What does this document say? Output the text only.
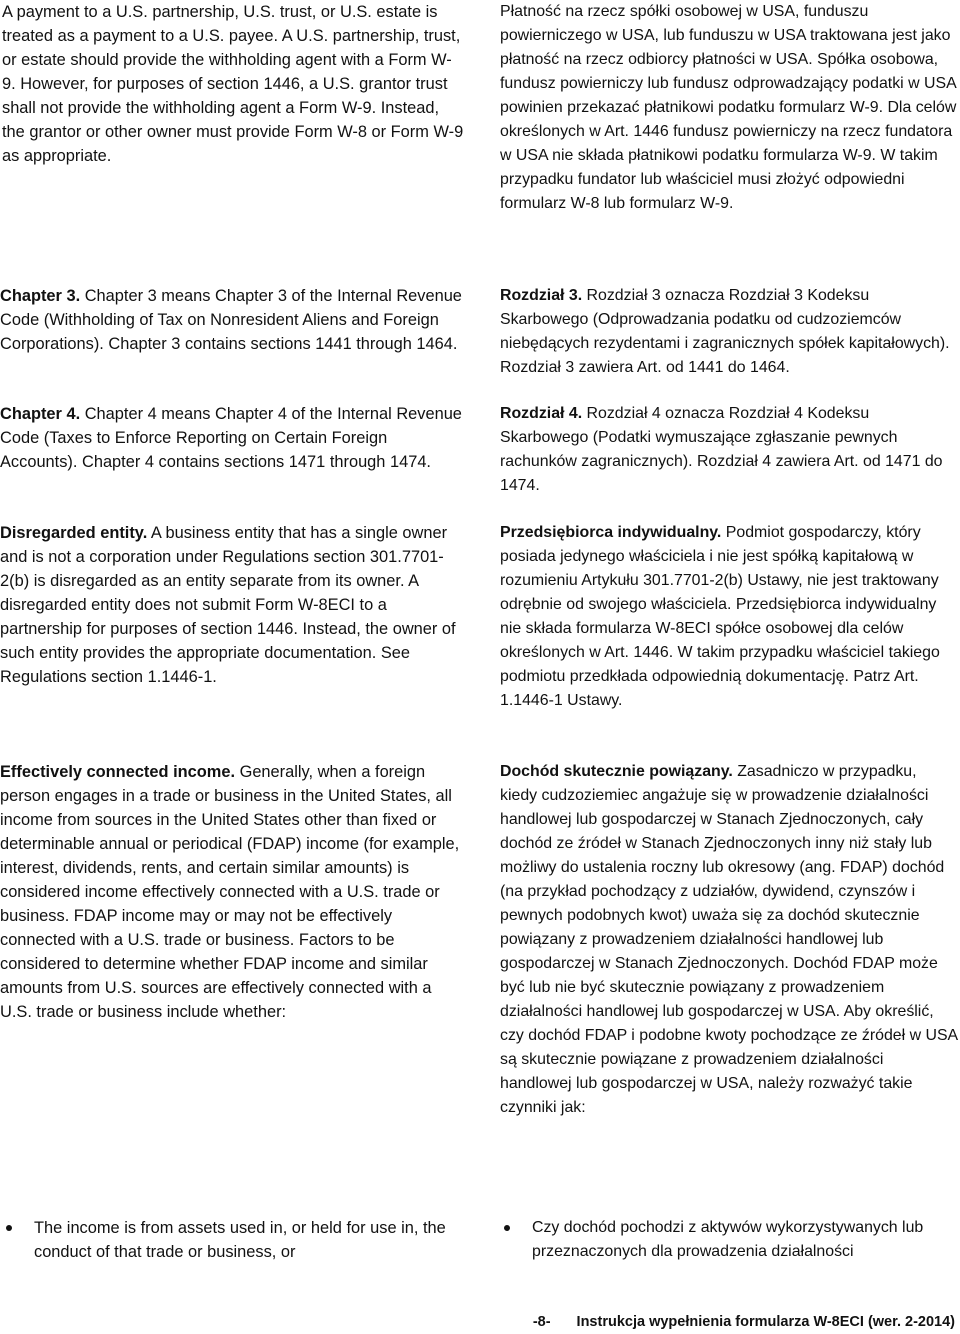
A payment to a U.S. partnership, U.S. trust, or U.S. estate is treated as a payment to a U.S. payee. A U.S. partnership, trust, or estate should provide the withholding agent with a Form W-9. However, for purposes of section 1446, a U.S. grantor trust shall not provide the withholding agent a Form W-9. Instead, the grantor or other owner must provide Form W-8 or Form W-9 as appropriate.

Chapter 3. Chapter 3 means Chapter 3 of the Internal Revenue Code (Withholding of Tax on Nonresident Aliens and Foreign Corporations). Chapter 3 contains sections 1441 through 1464.

Chapter 4. Chapter 4 means Chapter 4 of the Internal Revenue Code (Taxes to Enforce Reporting on Certain Foreign Accounts). Chapter 4 contains sections 1471 through 1474.

Disregarded entity. A business entity that has a single owner and is not a corporation under Regulations section 301.7701-2(b) is disregarded as an entity separate from its owner. A disregarded entity does not submit Form W-8ECI to a partnership for purposes of section 1446. Instead, the owner of such entity provides the appropriate documentation. See Regulations section 1.1446-1.

Effectively connected income. Generally, when a foreign person engages in a trade or business in the United States, all income from sources in the United States other than fixed or determinable annual or periodical (FDAP) income (for example, interest, dividends, rents, and certain similar amounts) is considered income effectively connected with a U.S. trade or business. FDAP income may or may not be effectively connected with a U.S. trade or business. Factors to be considered to determine whether FDAP income and similar amounts from U.S. sources are effectively connected with a U.S. trade or business include whether:

The income is from assets used in, or held for use in, the conduct of that trade or business, or

Płatność na rzecz spółki osobowej w USA, funduszu powierniczego w USA, lub funduszu w USA traktowana jest jako płatność na rzecz odbiorcy płatności w USA. Spółka osobowa, fundusz powierniczy lub fundusz odprowadzający podatki w USA powinien przekazać płatnikowi podatku formularz W-9. Dla celów określonych w Art. 1446 fundusz powierniczy na rzecz fundatora w USA nie składa płatnikowi podatku formularza W-9. W takim przypadku fundator lub właściciel musi złożyć odpowiedni formularz W-8 lub formularz W-9.

Rozdział 3. Rozdział 3 oznacza Rozdział 3 Kodeksu Skarbowego (Odprowadzania podatku od cudzoziemców niebędących rezydentami i zagranicznych spółek kapitałowych). Rozdział 3 zawiera Art. od 1441 do 1464.

Rozdział 4. Rozdział 4 oznacza Rozdział 4 Kodeksu Skarbowego (Podatki wymuszające zgłaszanie pewnych rachunków zagranicznych). Rozdział 4 zawiera Art. od 1471 do 1474.

Przedsiębiorca indywidualny. Podmiot gospodarczy, który posiada jedynego właściciela i nie jest spółką kapitałową w rozumieniu Artykułu 301.7701-2(b) Ustawy, nie jest traktowany odrębnie od swojego właściciela. Przedsiębiorca indywidualny nie składa formularza W-8ECI spółce osobowej dla celów określonych w Art. 1446. W takim przypadku właściciel takiego podmiotu przedkłada odpowiednią dokumentację. Patrz Art. 1.1446-1 Ustawy.

Dochód skutecznie powiązany. Zasadniczo w przypadku, kiedy cudzoziemiec angażuje się w prowadzenie działalności handlowej lub gospodarczej w Stanach Zjednoczonych, cały dochód ze źródeł w Stanach Zjednoczonych inny niż stały lub możliwy do ustalenia roczny lub okresowy (ang. FDAP) dochód (na przykład pochodzący z udziałów, dywidend, czynszów i pewnych podobnych kwot) uważa się za dochód skutecznie powiązany z prowadzeniem działalności handlowej lub gospodarczej w Stanach Zjednoczonych. Dochód FDAP może być lub nie być skutecznie powiązany z prowadzeniem działalności handlowej lub gospodarczej w USA. Aby określić, czy dochód FDAP i podobne kwoty pochodzące ze źródeł w USA są skutecznie powiązane z prowadzeniem działalności handlowej lub gospodarczej w USA, należy rozważyć takie czynniki jak:

Czy dochód pochodzi z aktywów wykorzystywanych lub przeznaczonych dla prowadzenia działalności

-8- Instrukcja wypełnienia formularza W-8ECI (wer. 2-2014)
